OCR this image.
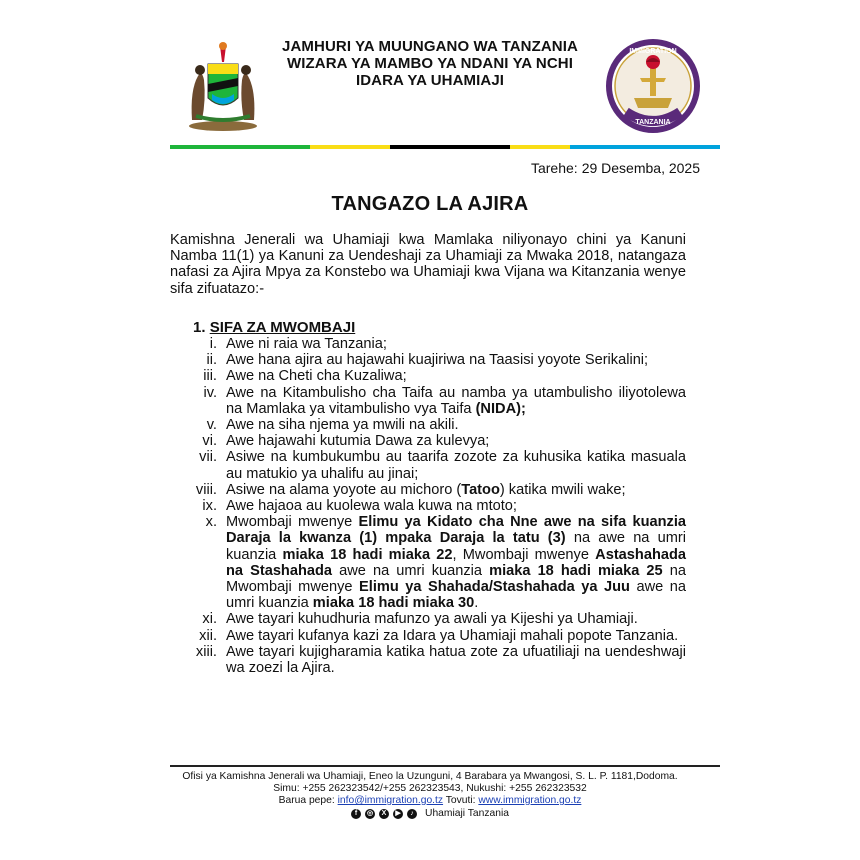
JAMHURI YA MUUNGANO WA TANZANIA
WIZARA YA MAMBO YA NDANI YA NCHI
IDARA YA UHAMIAJI
IMMIGRATION
TANZANIA
Tarehe: 29 Desemba, 2025
TANGAZO LA AJIRA
Kamishna Jenerali wa Uhamiaji kwa Mamlaka niliyonayo chini ya Kanuni Namba 11(1) ya Kanuni za Uendeshaji za Uhamiaji za Mwaka 2018, natangaza nafasi za Ajira Mpya za Konstebo wa Uhamiaji kwa Vijana wa Kitanzania wenye sifa zifuatazo:-
1. SIFA ZA MWOMBAJI
i. Awe ni raia wa Tanzania;
ii. Awe hana ajira au hajawahi kuajiriwa na Taasisi yoyote Serikalini;
iii. Awe na Cheti cha Kuzaliwa;
iv. Awe na Kitambulisho cha Taifa au namba ya utambulisho iliyotolewa na Mamlaka ya vitambulisho vya Taifa (NIDA);
v. Awe na siha njema ya mwili na akili.
vi. Awe hajawahi kutumia Dawa za kulevya;
vii. Asiwe na kumbukumbu au taarifa zozote za kuhusika katika masuala au matukio ya uhalifu au jinai;
viii. Asiwe na alama yoyote au michoro (Tatoo) katika mwili wake;
ix. Awe hajaoa au kuolewa wala kuwa na mtoto;
x. Mwombaji mwenye Elimu ya Kidato cha Nne awe na sifa kuanzia Daraja la kwanza (1) mpaka Daraja la tatu (3) na awe na umri kuanzia miaka 18 hadi miaka 22, Mwombaji mwenye Astashahada na Stashahada awe na umri kuanzia miaka 18 hadi miaka 25 na Mwombaji mwenye Elimu ya Shahada/Stashahada ya Juu awe na umri kuanzia miaka 18 hadi miaka 30.
xi. Awe tayari kuhudhuria mafunzo ya awali ya Kijeshi ya Uhamiaji.
xii. Awe tayari kufanya kazi za Idara ya Uhamiaji mahali popote Tanzania.
xiii. Awe tayari kujigharamia katika hatua zote za ufuatiliaji na uendeshwaji wa zoezi la Ajira.
Ofisi ya Kamishna Jenerali wa Uhamiaji, Eneo la Uzunguni, 4 Barabara ya Mwangosi, S. L. P. 1181,Dodoma.
Simu: +255 262323542/+255 262323543, Nukushi: +255 262323532
Barua pepe: info@immigration.go.tz Tovuti: www.immigration.go.tz
f	◎	X	▶	♪	Uhamiaji Tanzania
